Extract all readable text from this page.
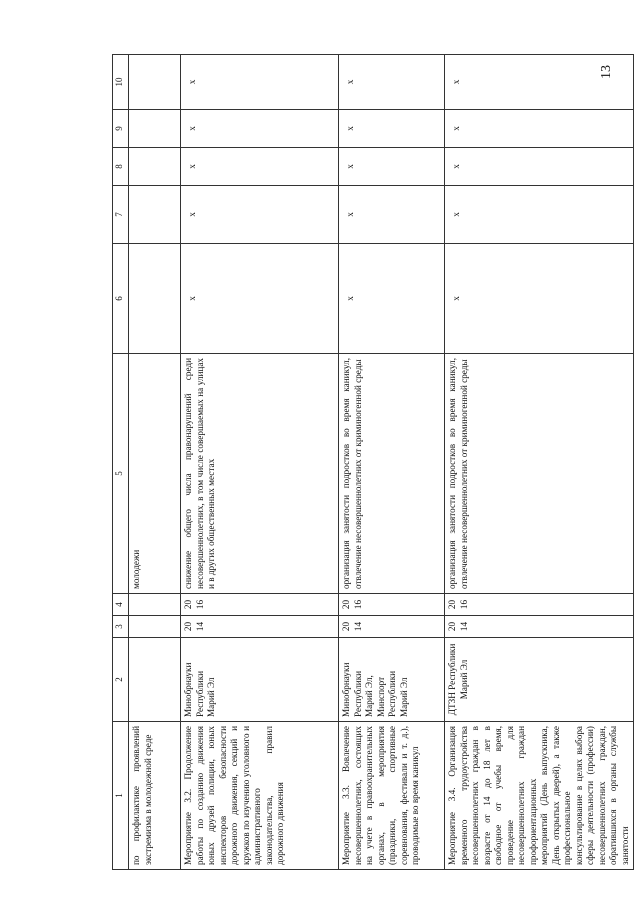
13
1	2	3	4	5	6	7	8	9	10
по профилактике проявлений экстремизма в молодежной среде				молодежи					
Мероприятие 3.2. Продолжение работы по созданию движения юных друзей полиции, юных инспекторов безопасности дорожного движения, секций и кружков по изучению уголовного и административного законодательства, правил дорожного движения	Минобрнауки Республики Марий Эл	2014	2016	снижение общего числа правонарушений среди несовершеннолетних, в том числе совершаемых на улицах и в других общественных местах	x	x	x	x	x
Мероприятие 3.3. Вовлечение несовершеннолетних, состоящих на учете в правоохранительных органах, в мероприятия (праздники, спортивные соревнования, фестивали и т. д.), проводимые во время каникул	Минобрнауки Республики Марий Эл, Минспорт Республики Марий Эл	2014	2016	организация занятости подростков во время каникул, отвлечение несовершеннолетних от криминогенной среды	x	x	x	x	x
Мероприятие 3.4. Организация временного трудоустройства несовершеннолетних граждан в возрасте от 14 до 18 лет в свободное от учебы время, проведение для несовершеннолетних граждан профориентационных мероприятий (День выпускника, День открытых дверей), а также профессиональное консультирование в целях выбора сферы деятельности (профессии) несовершеннолетних граждан, обратившихся в органы службы занятости	ДТЗН Республики Марий Эл	2014	2016	организация занятости подростков во время каникул, отвлечение несовершеннолетних от криминогенной среды	x	x	x	x	x
